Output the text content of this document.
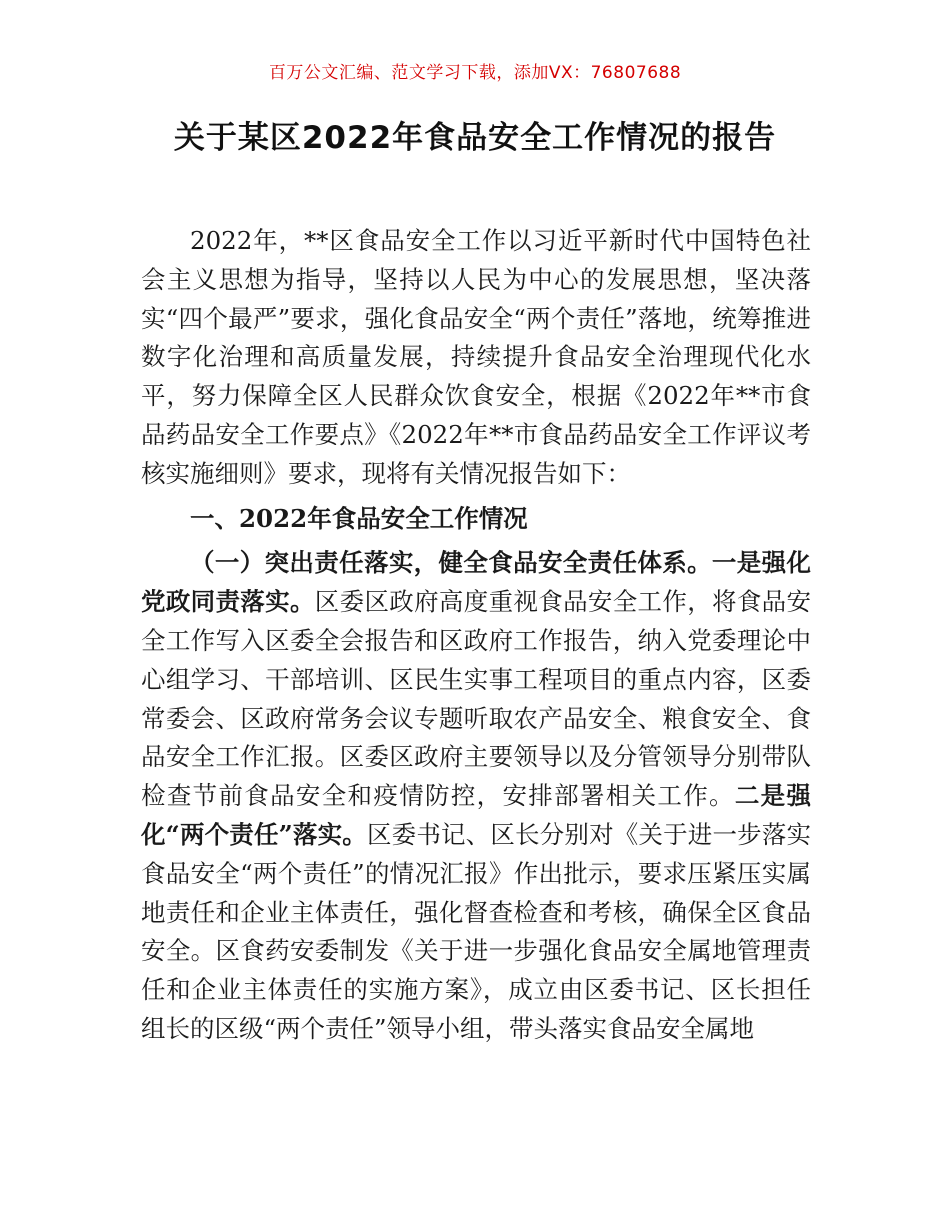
百万公文汇编、范文学习下载，添加VX：76807688
关于某区2022年食品安全工作情况的报告

2022年，**区食品安全工作以习近平新时代中国特色社会主义思想为指导，坚持以人民为中心的发展思想，坚决落实“四个最严”要求，强化食品安全“两个责任”落地，统筹推进数字化治理和高质量发展，持续提升食品安全治理现代化水平，努力保障全区人民群众饮食安全，根据《2022年**市食品药品安全工作要点》《2022年**市食品药品安全工作评议考核实施细则》要求，现将有关情况报告如下：

一、2022年食品安全工作情况

（一）突出责任落实，健全食品安全责任体系。一是强化党政同责落实。区委区政府高度重视食品安全工作，将食品安全工作写入区委全会报告和区政府工作报告，纳入党委理论中心组学习、干部培训、区民生实事工程项目的重点内容，区委常委会、区政府常务会议专题听取农产品安全、粮食安全、食品安全工作汇报。区委区政府主要领导以及分管领导分别带队检查节前食品安全和疫情防控，安排部署相关工作。二是强化“两个责任”落实。区委书记、区长分别对《关于进一步落实食品安全“两个责任”的情况汇报》作出批示，要求压紧压实属地责任和企业主体责任，强化督查检查和考核，确保全区食品安全。区食药安委制发《关于进一步强化食品安全属地管理责任和企业主体责任的实施方案》，成立由区委书记、区长担任组长的区级“两个责任”领导小组，带头落实食品安全属地
